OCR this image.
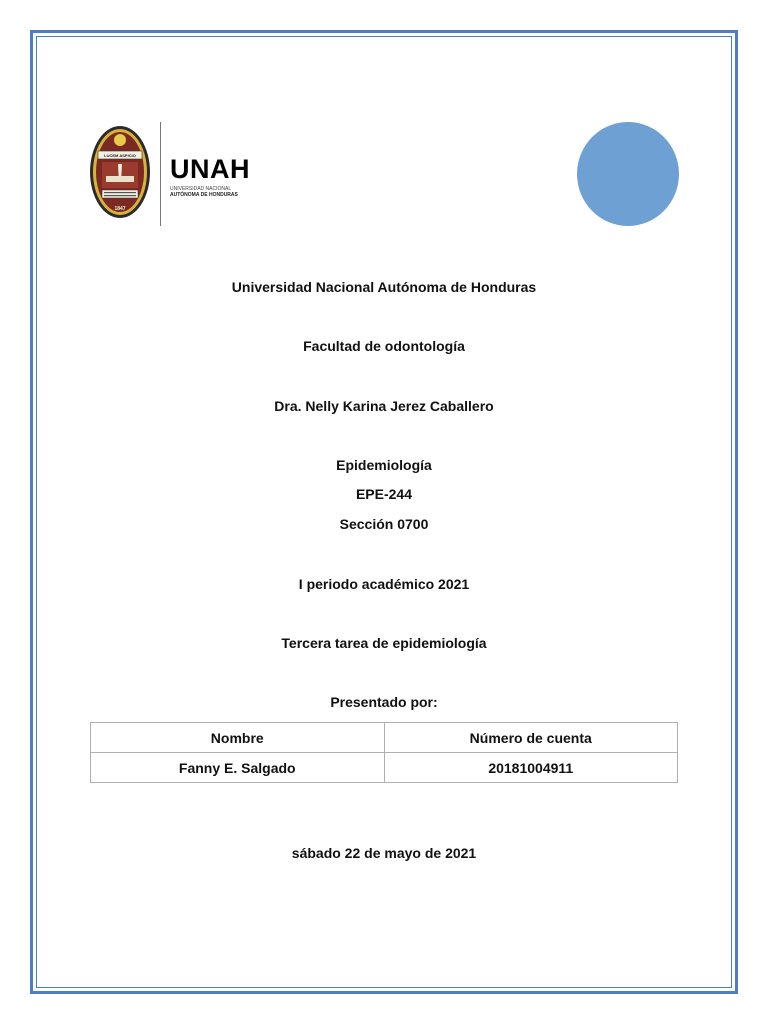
LUCEM ASPICIO
1847
UNAH
UNIVERSIDAD NACIONAL
AUTÓNOMA DE HONDURAS
Universidad Nacional Autónoma de Honduras
Facultad de odontología
Dra. Nelly Karina Jerez Caballero
Epidemiología
EPE-244
Sección 0700
I periodo académico 2021
Tercera tarea de epidemiología
Presentado por:
Nombre	Número de cuenta
Fanny E. Salgado	20181004911
sábado 22 de mayo de 2021
